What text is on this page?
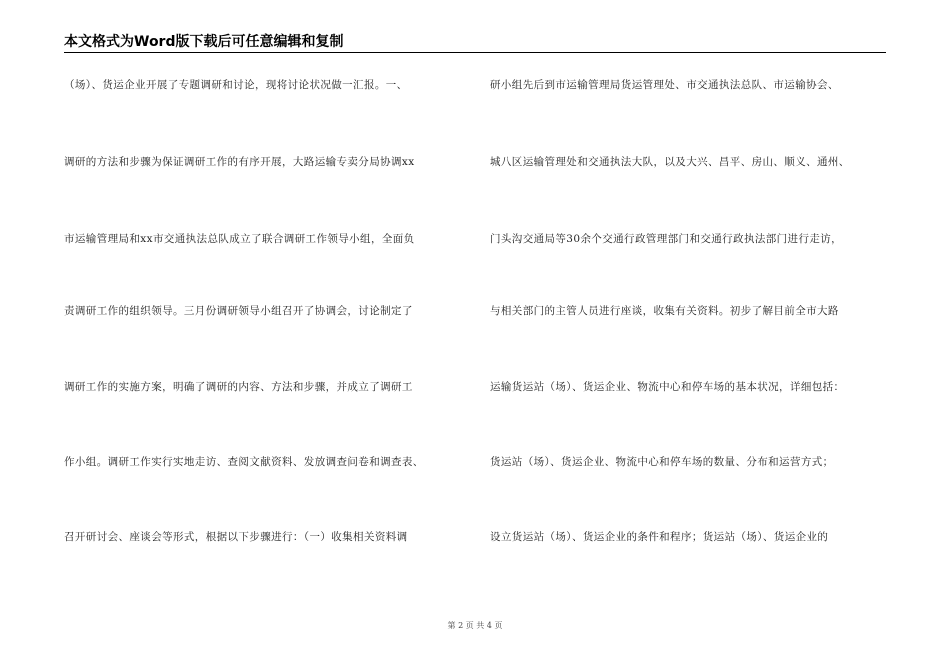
本文格式为Word版下载后可任意编辑和复制
（场）、货运企业开展了专题调研和讨论，现将讨论状况做一汇报。一、
调研的方法和步骤为保证调研工作的有序开展，大路运输专卖分局协调xx
市运输管理局和xx市交通执法总队成立了联合调研工作领导小组，全面负
责调研工作的组织领导。三月份调研领导小组召开了协调会，讨论制定了
调研工作的实施方案，明确了调研的内容、方法和步骤，并成立了调研工
作小组。调研工作实行实地走访、查阅文献资料、发放调查问卷和调查表、
召开研讨会、座谈会等形式，根据以下步骤进行：（一）收集相关资料调
研小组先后到市运输管理局货运管理处、市交通执法总队、市运输协会、
城八区运输管理处和交通执法大队，以及大兴、昌平、房山、顺义、通州、
门头沟交通局等30余个交通行政管理部门和交通行政执法部门进行走访，
与相关部门的主管人员进行座谈，收集有关资料。初步了解目前全市大路
运输货运站（场）、货运企业、物流中心和停车场的基本状况，详细包括：
货运站（场）、货运企业、物流中心和停车场的数量、分布和运营方式；
设立货运站（场）、货运企业的条件和程序；货运站（场）、货运企业的
第 2 页 共 4 页
